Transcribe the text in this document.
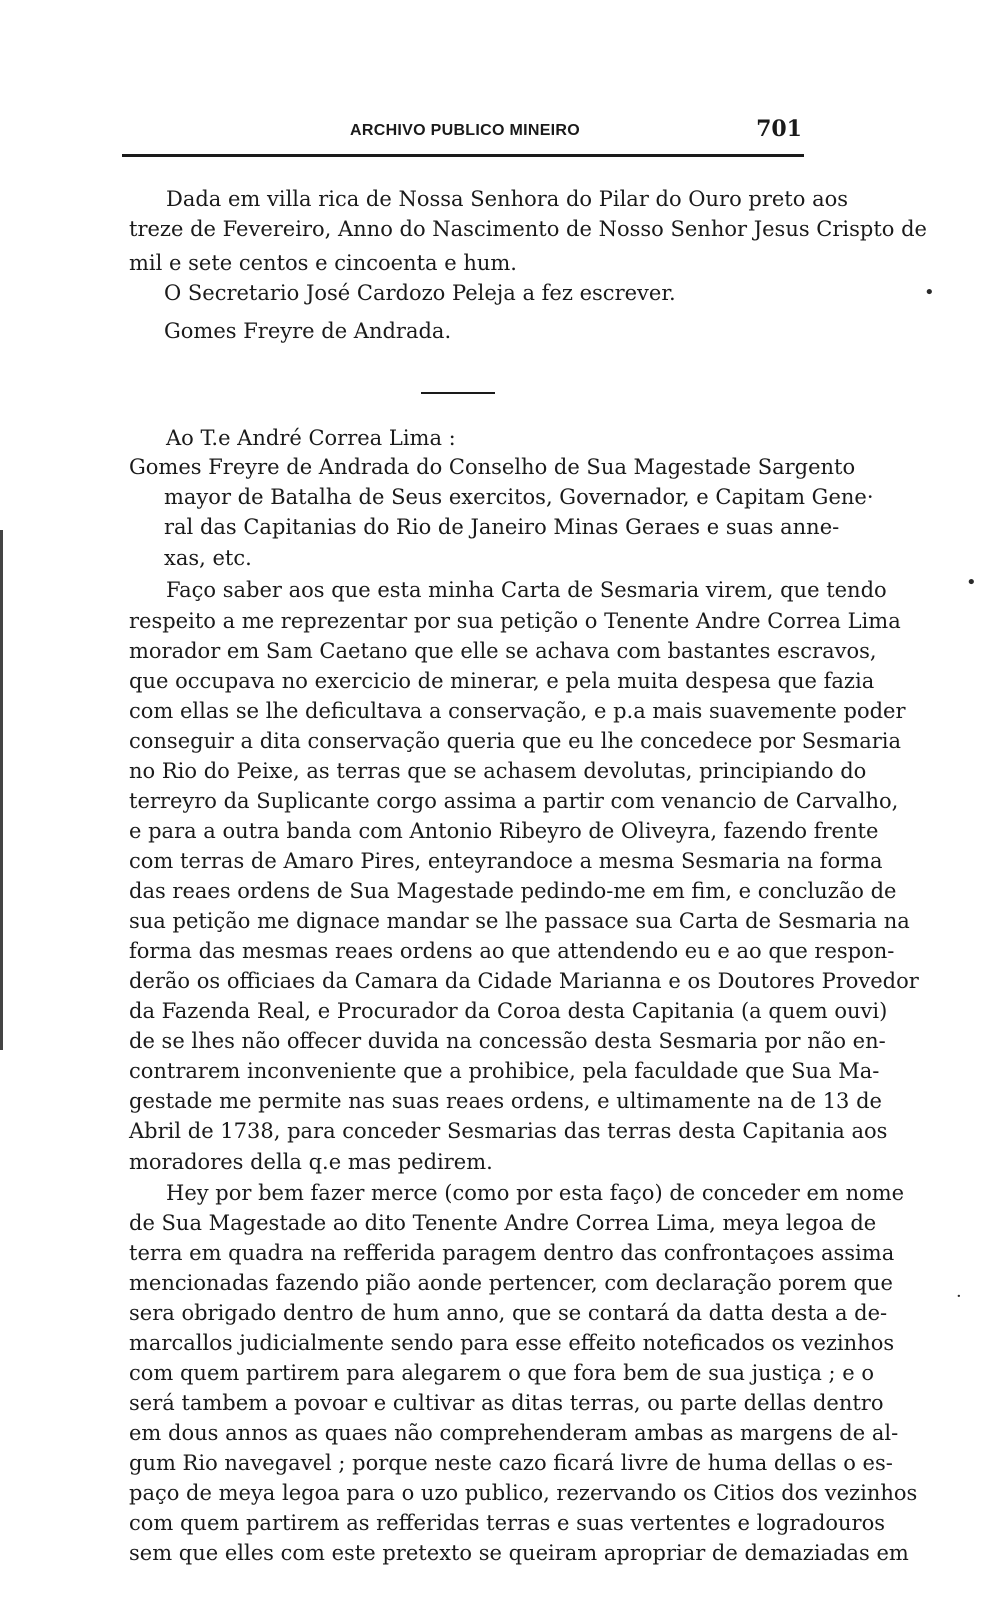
ARCHIVO PUBLICO MINEIRO	701
Dada em villa rica de Nossa Senhora do Pilar do Ouro preto aos
treze de Fevereiro, Anno do Nascimento de Nosso Senhor Jesus Crispto de
mil e sete centos e cincoenta e hum.
O Secretario José Cardozo Peleja a fez escrever.
Gomes Freyre de Andrada.
Ao T.e André Correa Lima :
Gomes Freyre de Andrada do Conselho de Sua Magestade Sargento
mayor de Batalha de Seus exercitos, Governador, e Capitam Gene·
ral das Capitanias do Rio de Janeiro Minas Geraes e suas anne-
xas, etc.
Faço saber aos que esta minha Carta de Sesmaria virem, que tendo
respeito a me reprezentar por sua petição o Tenente Andre Correa Lima
morador em Sam Caetano que elle se achava com bastantes escravos,
que occupava no exercicio de minerar, e pela muita despesa que fazia
com ellas se lhe deficultava a conservação, e p.a mais suavemente poder
conseguir a dita conservação queria que eu lhe concedece por Sesmaria
no Rio do Peixe, as terras que se achasem devolutas, principiando do
terreyro da Suplicante corgo assima a partir com venancio de Carvalho,
e para a outra banda com Antonio Ribeyro de Oliveyra, fazendo frente
com terras de Amaro Pires, enteyrandoce a mesma Sesmaria na forma
das reaes ordens de Sua Magestade pedindo-me em fim, e concluzão de
sua petição me dignace mandar se lhe passace sua Carta de Sesmaria na
forma das mesmas reaes ordens ao que attendendo eu e ao que respon-
derão os officiaes da Camara da Cidade Marianna e os Doutores Provedor
da Fazenda Real, e Procurador da Coroa desta Capitania (a quem ouvi)
de se lhes não offecer duvida na concessão desta Sesmaria por não en-
contrarem inconveniente que a prohibice, pela faculdade que Sua Ma-
gestade me permite nas suas reaes ordens, e ultimamente na de 13 de
Abril de 1738, para conceder Sesmarias das terras desta Capitania aos
moradores della q.e mas pedirem.
Hey por bem fazer merce (como por esta faço) de conceder em nome
de Sua Magestade ao dito Tenente Andre Correa Lima, meya legoa de
terra em quadra na refferida paragem dentro das confrontaçoes assima
mencionadas fazendo pião aonde pertencer, com declaração porem que
sera obrigado dentro de hum anno, que se contará da datta desta a de-
marcallos judicialmente sendo para esse effeito noteficados os vezinhos
com quem partirem para alegarem o que fora bem de sua justiça ; e o
será tambem a povoar e cultivar as ditas terras, ou parte dellas dentro
em dous annos as quaes não comprehenderam ambas as margens de al-
gum Rio navegavel ; porque neste cazo ficará livre de huma dellas o es-
paço de meya legoa para o uzo publico, rezervando os Citios dos vezinhos
com quem partirem as refferidas terras e suas vertentes e logradouros
sem que elles com este pretexto se queiram apropriar de demaziadas em
•
•
·
